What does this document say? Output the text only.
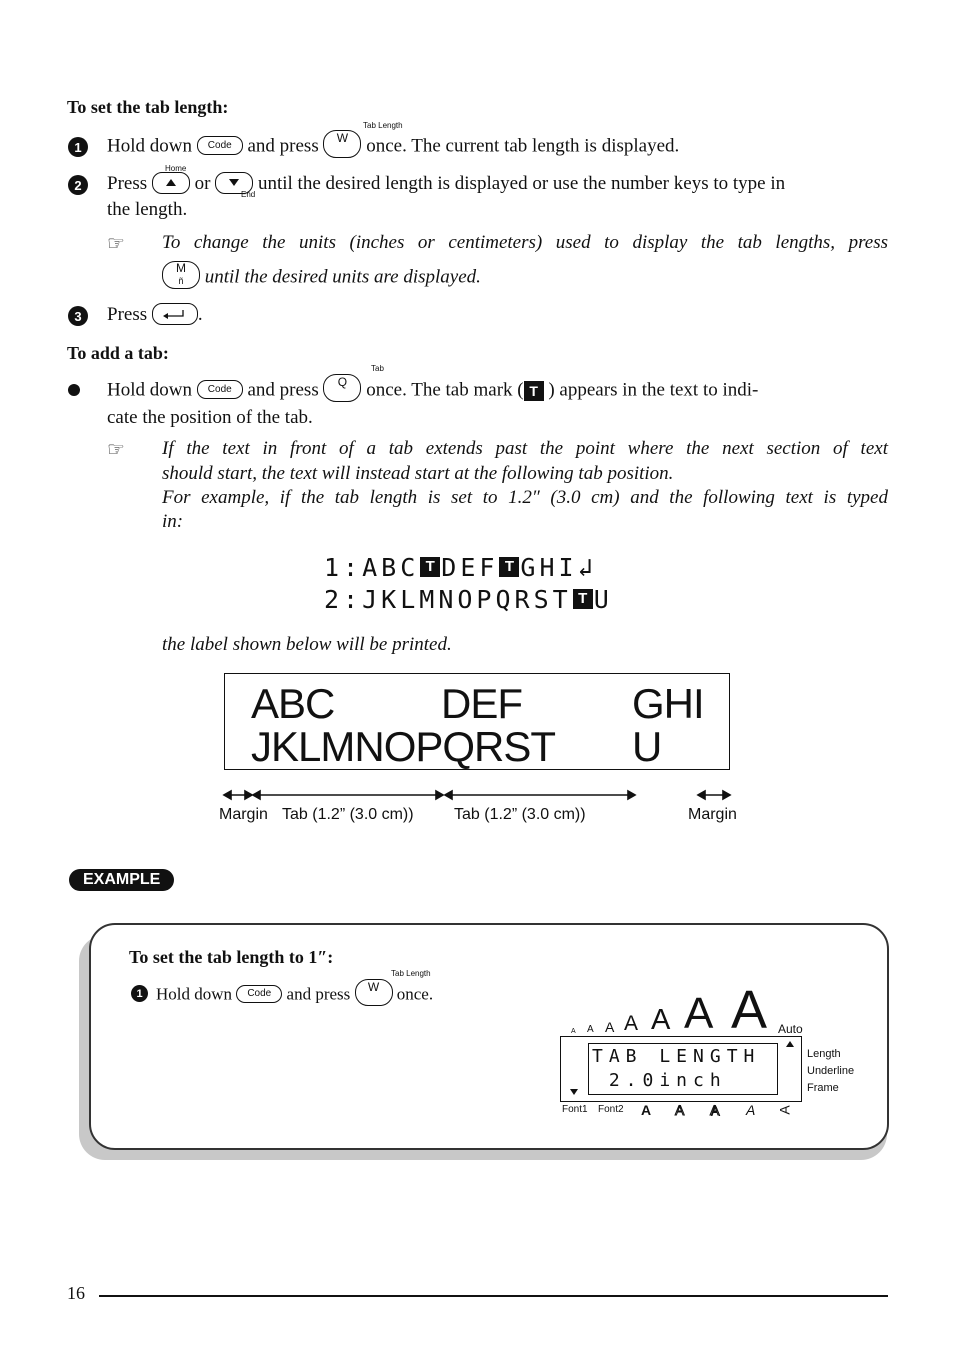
To set the tab length:
1	Hold down Code and press W once. The current tab length is displayed.
Tab Length
2	Press	or	until the desired length is displayed or use the number keys to type in
Home
End
the length.
☞ To change the units (inches or centimeters) used to display the tab lengths, press
M
ñ until the desired units are displayed.
3	Press	.
To add a tab:
Hold down Code and press Q once. The tab mark ( T ) appears in the text to indi-
Tab
cate the position of the tab.
☞ If the text in front of a tab extends past the point where the next section of text
should start, the text will instead start at the following tab position.
For example, if the tab length is set to 1.2″ (3.0 cm) and the following text is typed
in:
1:ABC T DEF T GHI↲
2:JKLMNOPQRST T U
the label shown below will be printed.
ABC	DEF	GHI
JKLMNOPQRST U
Margin Tab (1.2” (3.0 cm))	Tab (1.2” (3.0 cm))	Margin
EXAMPLE
To set the tab length to 1″:
1 Hold down Code and press W once.
Tab Length
A A A A A A A Auto
TAB LENGTH
2.0inch
Length
Underline
Frame
Font1 Font2 A A A A A
16
